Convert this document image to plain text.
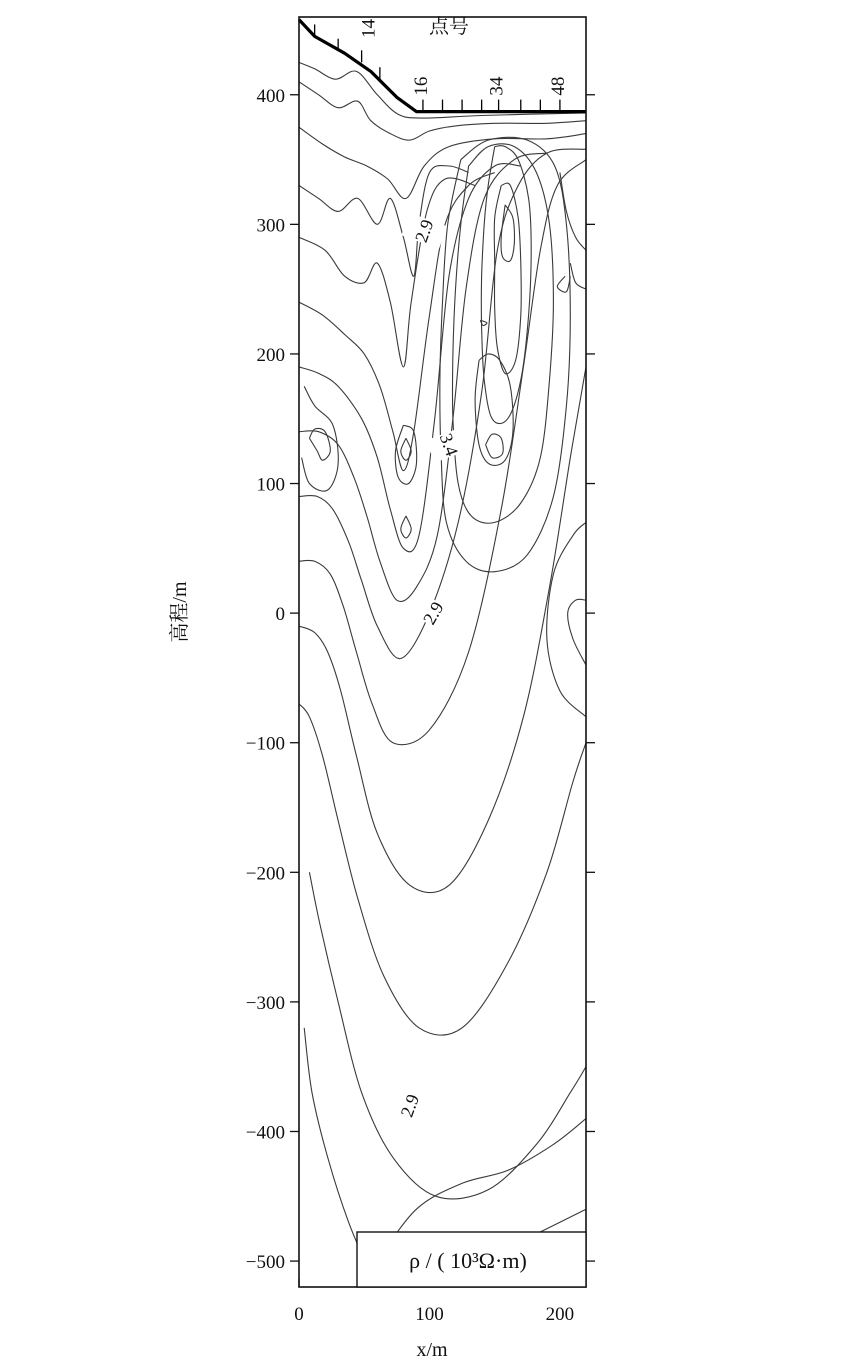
2.9
3.4
2.9
2.9
14
16	34 48
400
300
200
100
0
−100
−200
−300
−400
−500
0	100	200
x/m
高程/m
点号
ρ / ( 10³Ω·m)
